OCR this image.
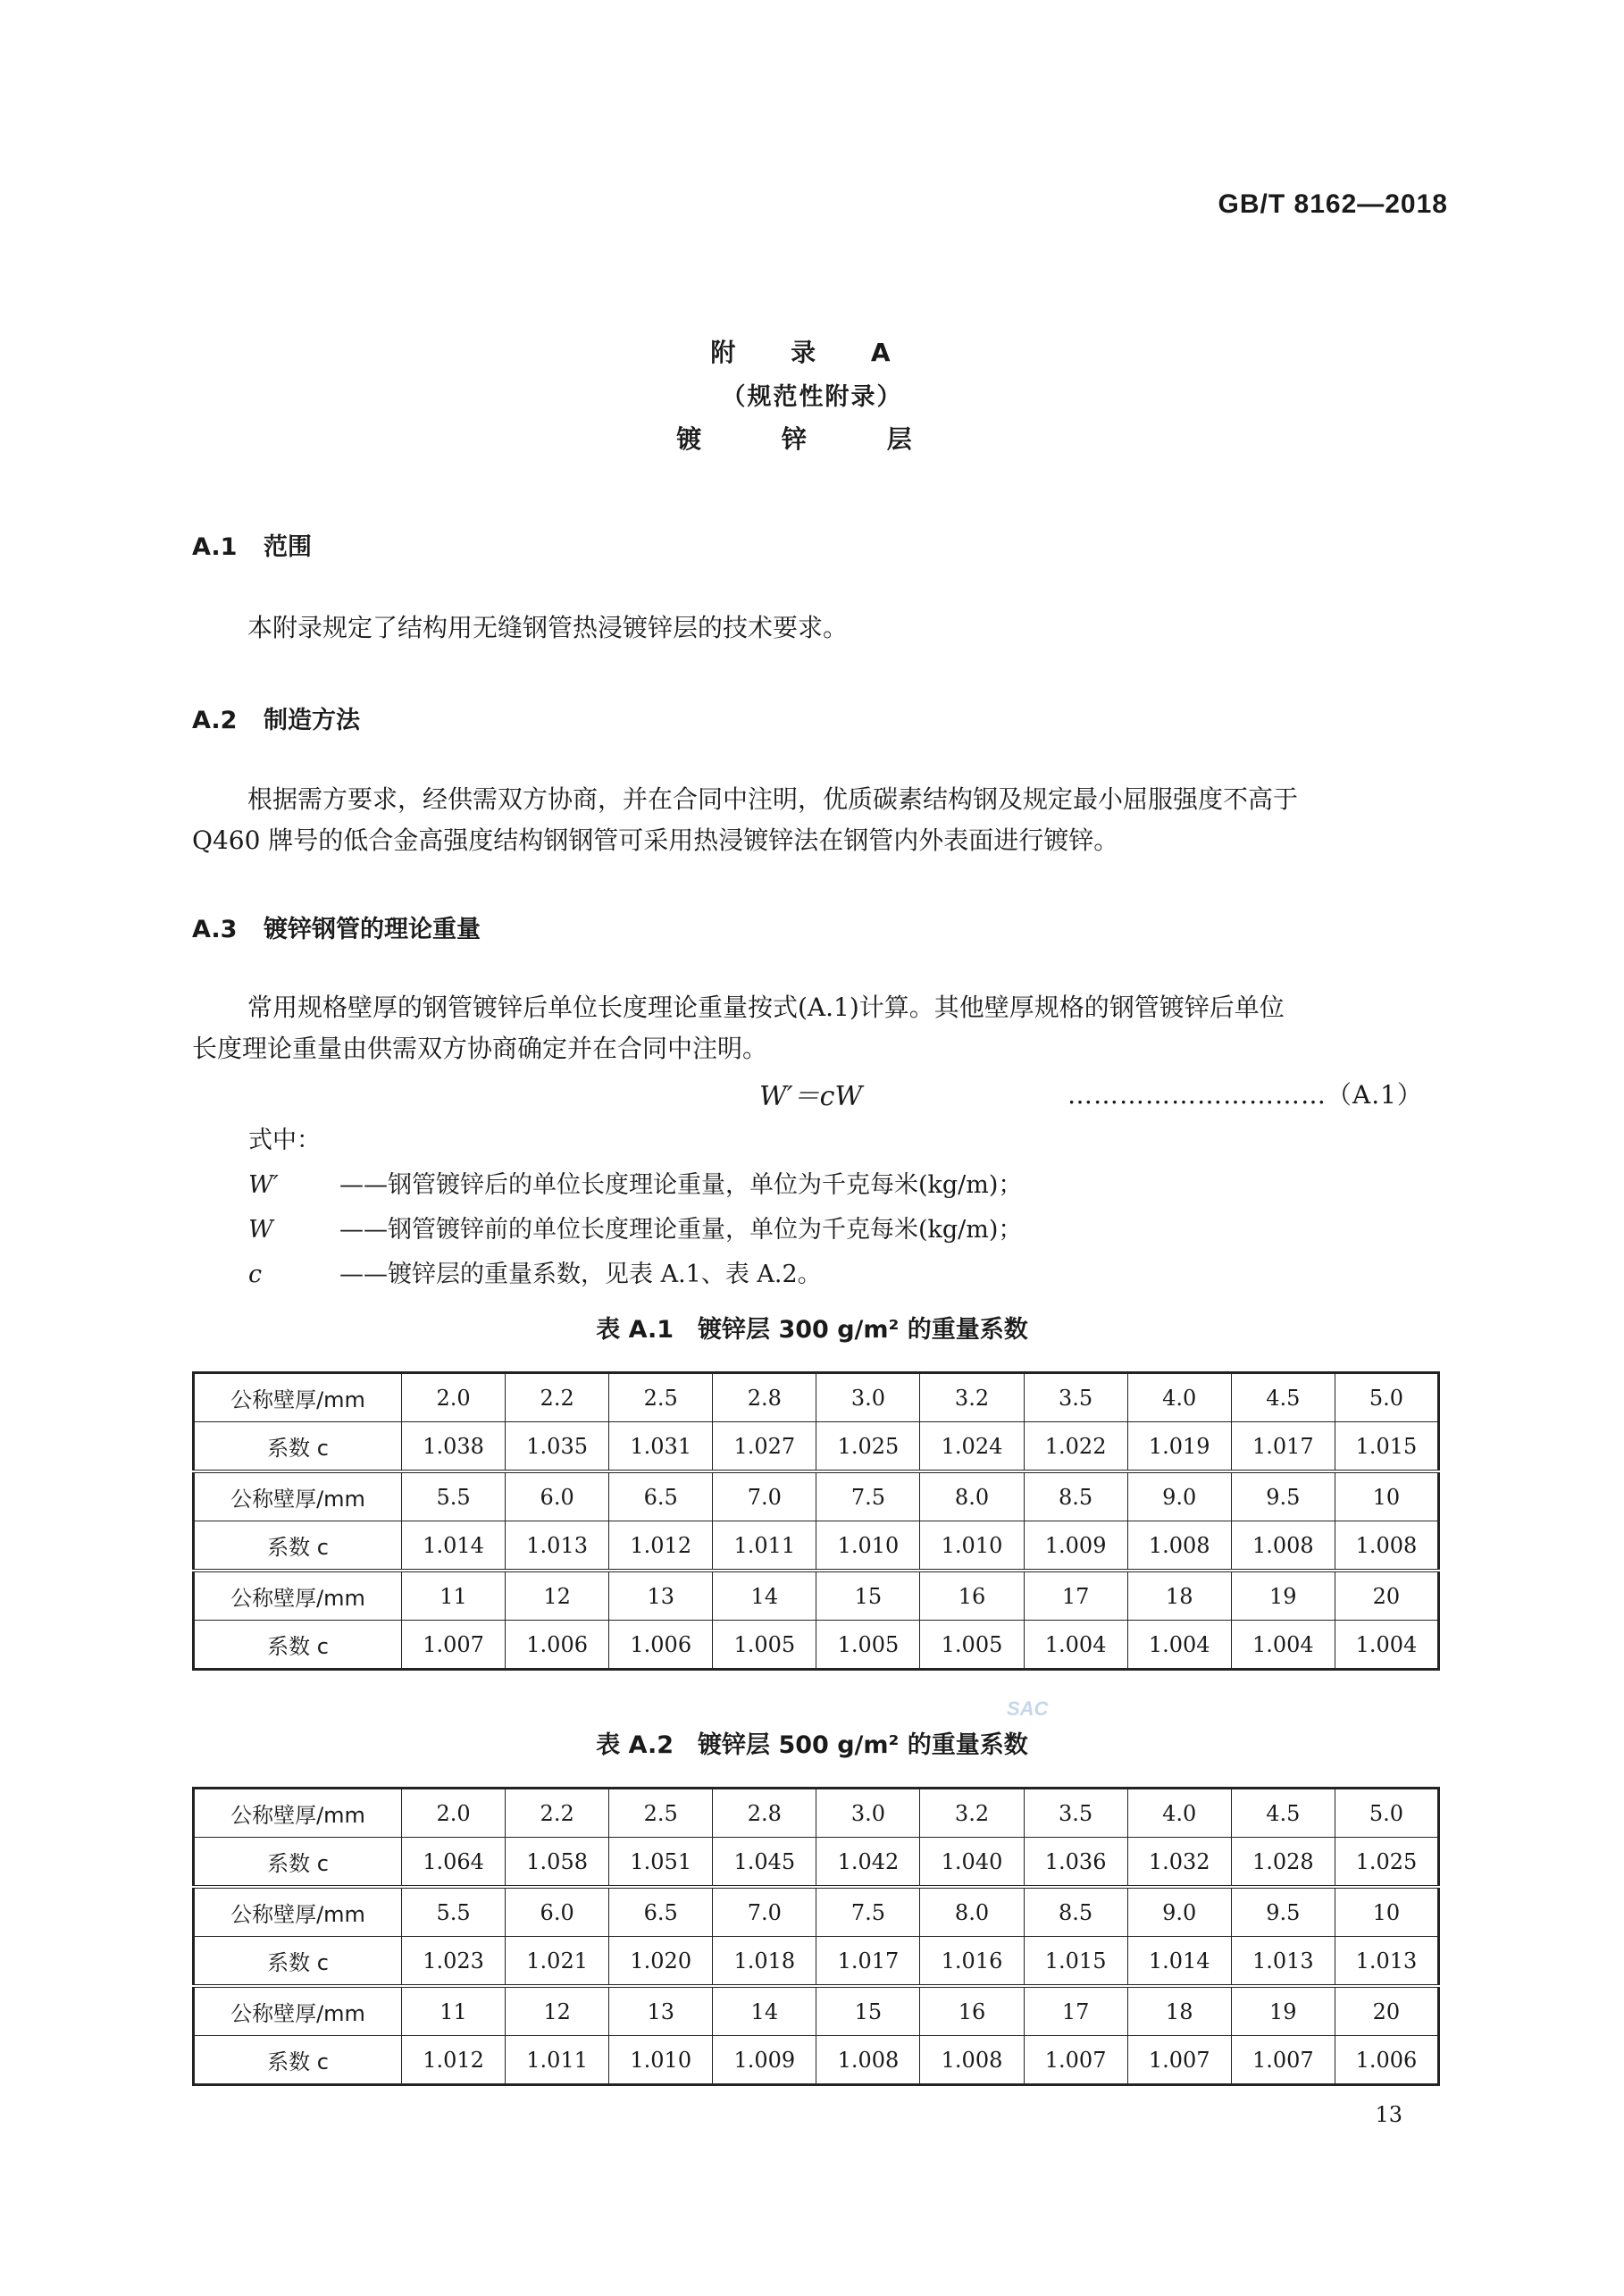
GB/T 8162—2018
附 录 A
（规范性附录）
镀 锌 层
A.1 范围
本附录规定了结构用无缝钢管热浸镀锌层的技术要求。
A.2 制造方法
根据需方要求，经供需双方协商，并在合同中注明，优质碳素结构钢及规定最小屈服强度不高于
Q460 牌号的低合金高强度结构钢钢管可采用热浸镀锌法在钢管内外表面进行镀锌。
A.3 镀锌钢管的理论重量
常用规格壁厚的钢管镀锌后单位长度理论重量按式(A.1)计算。其他壁厚规格的钢管镀锌后单位
长度理论重量由供需双方协商确定并在合同中注明。
W′＝cW	…………………………（A.1）
式中：
W′	——钢管镀锌后的单位长度理论重量，单位为千克每米(kg/m)；
W	——钢管镀锌前的单位长度理论重量，单位为千克每米(kg/m)；
c	——镀锌层的重量系数，见表 A.1、表 A.2。
表 A.1　镀锌层 300 g/m² 的重量系数
公称壁厚/mm	2.0	2.2	2.5	2.8	3.0	3.2	3.5	4.0	4.5	5.0
系数 c	1.038	1.035	1.031	1.027	1.025	1.024	1.022	1.019	1.017	1.015
公称壁厚/mm	5.5	6.0	6.5	7.0	7.5	8.0	8.5	9.0	9.5	10
系数 c	1.014	1.013	1.012	1.011	1.010	1.010	1.009	1.008	1.008	1.008
公称壁厚/mm	11	12	13	14	15	16	17	18	19	20
系数 c	1.007	1.006	1.006	1.005	1.005	1.005	1.004	1.004	1.004	1.004
SAC
表 A.2　镀锌层 500 g/m² 的重量系数
公称壁厚/mm	2.0	2.2	2.5	2.8	3.0	3.2	3.5	4.0	4.5	5.0
系数 c	1.064	1.058	1.051	1.045	1.042	1.040	1.036	1.032	1.028	1.025
公称壁厚/mm	5.5	6.0	6.5	7.0	7.5	8.0	8.5	9.0	9.5	10
系数 c	1.023	1.021	1.020	1.018	1.017	1.016	1.015	1.014	1.013	1.013
公称壁厚/mm	11	12	13	14	15	16	17	18	19	20
系数 c	1.012	1.011	1.010	1.009	1.008	1.008	1.007	1.007	1.007	1.006
13
